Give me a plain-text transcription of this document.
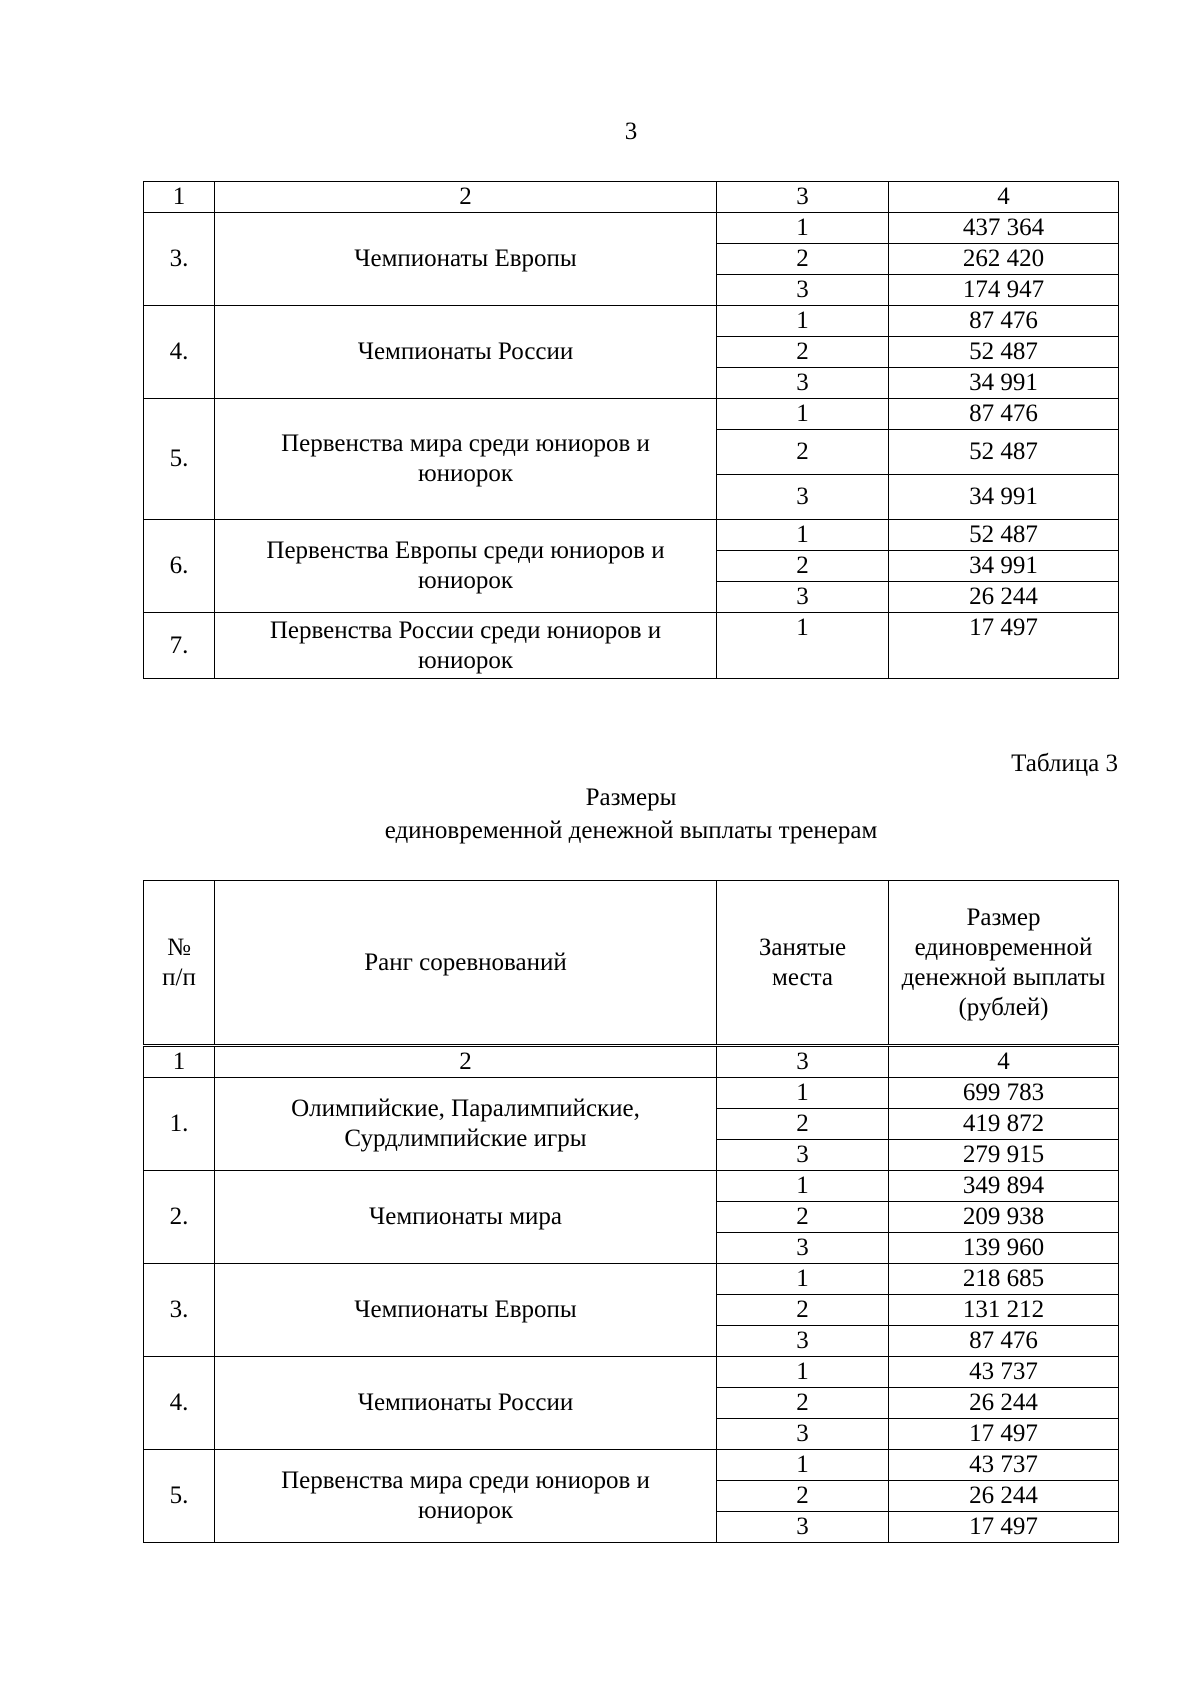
3
1	2	3	4
3.	Чемпионаты Европы	1	437 364
		2	262 420
		3	174 947
4.	Чемпионаты России	1	87 476
		2	52 487
		3	34 991
5.	Первенства мира среди юниоров и юниорок	1	87 476
		2	52 487
		3	34 991
6.	Первенства Европы среди юниоров и юниорок	1	52 487
		2	34 991
		3	26 244
7.	Первенства России среди юниоров и юниорок	1	17 497
Таблица 3
Размеры
единовременной денежной выплаты тренерам
№ п/п	Ранг соревнований	Занятые места	Размер единовременной денежной выплаты (рублей)
1	2	3	4
1.	Олимпийские, Паралимпийские, Сурдлимпийские игры	1	699 783
		2	419 872
		3	279 915
2.	Чемпионаты мира	1	349 894
		2	209 938
		3	139 960
3.	Чемпионаты Европы	1	218 685
		2	131 212
		3	87 476
4.	Чемпионаты России	1	43 737
		2	26 244
		3	17 497
5.	Первенства мира среди юниоров и юниорок	1	43 737
		2	26 244
		3	17 497
